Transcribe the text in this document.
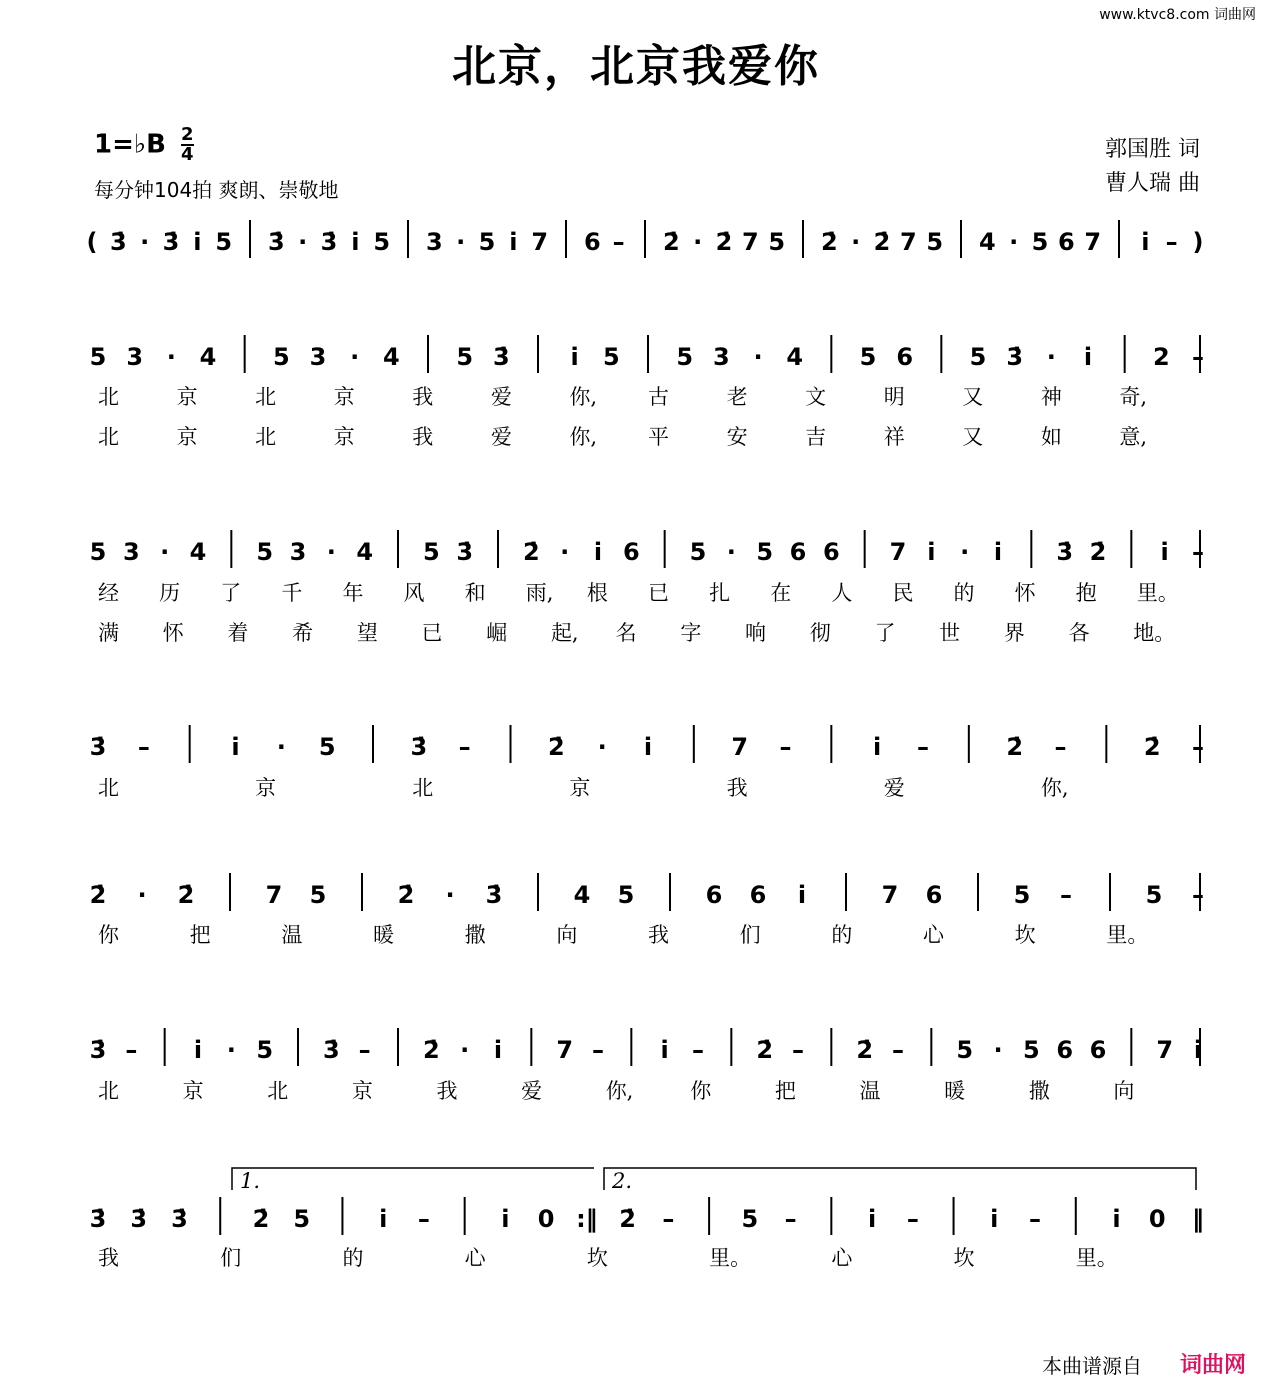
www.ktvc8.com 词曲网
北京，北京我爱你
1=♭B $\frac{2}{4}$
每分钟104拍 爽朗、崇敬地
郭国胜 词
曹人瑞 曲
( 3̇ · 3̇ i̇ 5 3̇ · 3̇ i̇ 5 3 · 5 i̇ 7 6 – 2̇ · 2̇ 7 5 2̇ · 2̇ 7 5 4 · 5 6 7 i̇ – )
5 3 · 4 5 3 · 4 5 3̇	i̇ 5 5 3 · 4 5 6 5 3̇ · i̇	2 –
北	京	北	京	我	爱	你, 古	老	文	明	又	神	奇,
北	京	北	京	我	爱	你, 平	安	吉	祥	又	如	意,
5 3 · 4 5 3 · 4 5 3̇ 2̇ · i̇ 6 5 · 5 6 6 7 i̇ · i̇ 3̇ 2̇ i̇ –
经 历 了 千 年 风 和 雨, 根 已 扎 在 人 民 的 怀 抱 里。
满 怀 着 希 望 已 崛 起, 名 字 响 彻 了 世 界 各 地。
3̇ –	i̇ · 5	3̇ –	2̇ · i̇	7 –	i̇ –	2̇ –	2̇ –
北	京	北	京	我	爱	你,
2̇ · 2̇	7 5	2̇ · 3̇	4 5	6 6 i̇	7 6	5 –	5 –
你	把	温	暖	撒	向	我	们	的	心	坎	里。
3̇ – i̇ · 5 3̇ – 2̇ · i̇ 7 – i̇ – 2̇ – 2̇ – 5 · 5 6 6 7 i̇
北	京	北	京	我	爱	你,	你	把	温	暖	撒	向
3̇ 3̇ 3̇	2̇ 5	i̇ –	i̇ 0 :‖ 2̇ –	5 –	i̇ –	i̇ –	i̇ 0 ‖
我	们	的	心	坎	里。	心	坎	里。
1.	2.
本曲谱源自 词曲网
